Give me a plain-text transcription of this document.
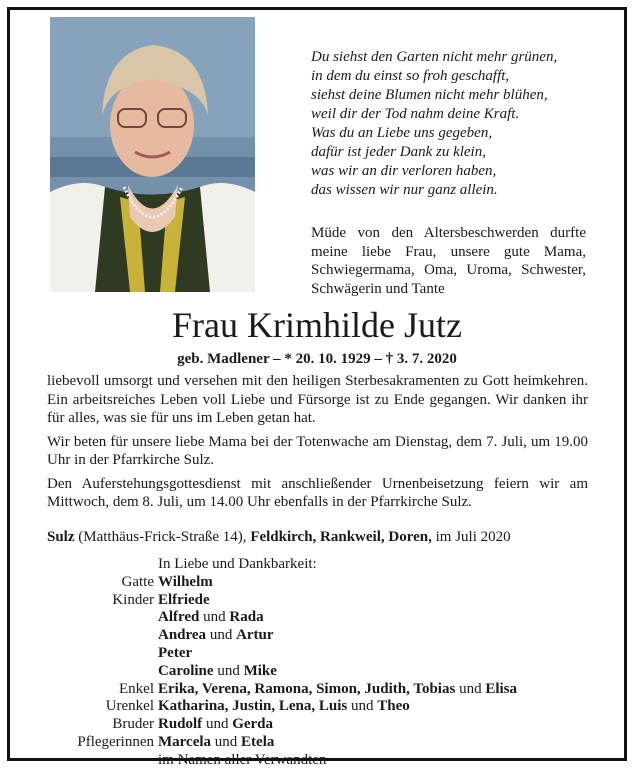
Du siehst den Garten nicht mehr grünen,
in dem du einst so froh geschafft,
siehst deine Blumen nicht mehr blühen,
weil dir der Tod nahm deine Kraft.
Was du an Liebe uns gegeben,
dafür ist jeder Dank zu klein,
was wir an dir verloren haben,
das wissen wir nur ganz allein.
Müde von den Altersbeschwerden durfte meine liebe Frau, unsere gute Mama, Schwiegermama, Oma, Uroma, Schwester, Schwägerin und Tante
Frau Krimhilde Jutz
geb. Madlener – * 20. 10. 1929 – † 3. 7. 2020

liebevoll umsorgt und versehen mit den heiligen Sterbesakramenten zu Gott heimkehren. Ein arbeitsreiches Leben voll Liebe und Fürsorge ist zu Ende gegangen. Wir danken ihr für alles, was sie für uns im Leben getan hat.

Wir beten für unsere liebe Mama bei der Totenwache am Dienstag, dem 7. Juli, um 19.00 Uhr in der Pfarrkirche Sulz.

Den Auferstehungsgottesdienst mit anschließender Urnenbeisetzung feiern wir am Mittwoch, dem 8. Juli, um 14.00 Uhr ebenfalls in der Pfarrkirche Sulz.

Sulz (Matthäus-Frick-Straße 14), Feldkirch, Rankweil, Doren, im Juli 2020
In Liebe und Dankbarkeit:
Gatte Wilhelm
Kinder Elfriede
Alfred und Rada
Andrea und Artur
Peter
Caroline und Mike
Enkel Erika, Verena, Ramona, Simon, Judith, Tobias und Elisa
Urenkel Katharina, Justin, Lena, Luis und Theo
Bruder Rudolf und Gerda
Pflegerinnen Marcela und Etela
im Namen aller Verwandten
